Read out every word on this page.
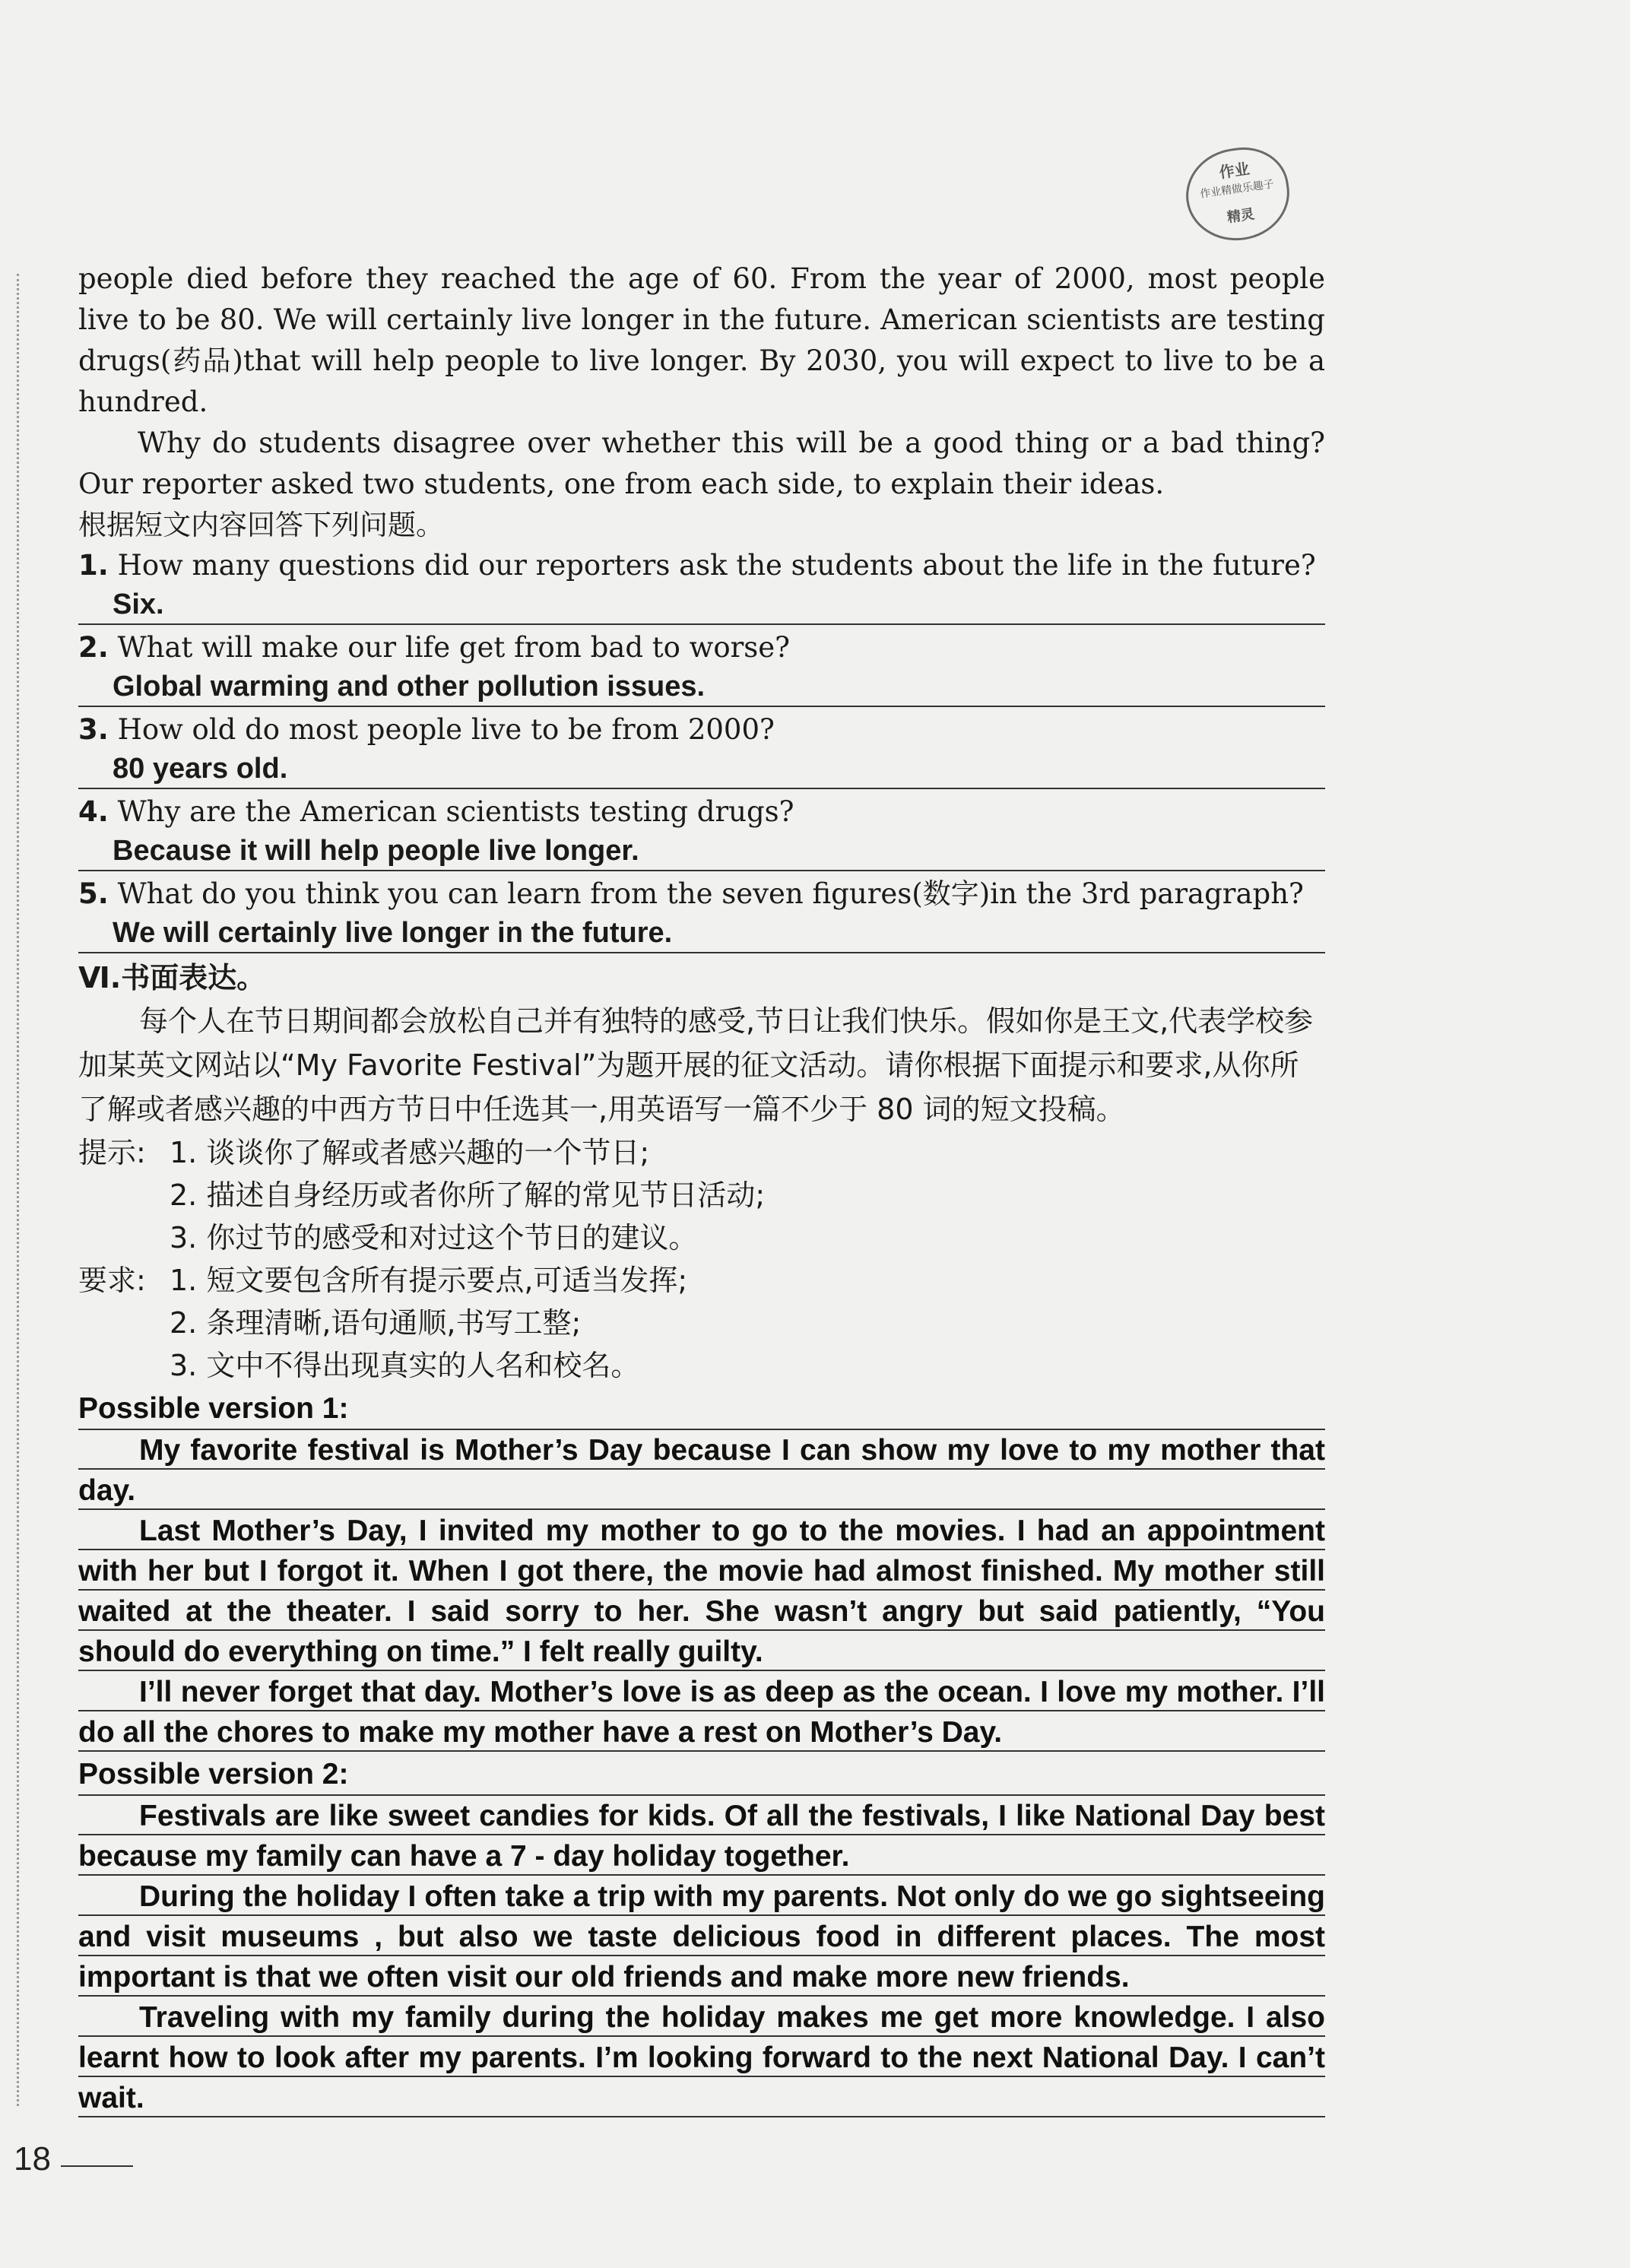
作业
作业精做乐趣子
精灵

people died before they reached the age of 60. From the year of 2000, most people live to be 80. We will certainly live longer in the future. American scientists are testing drugs(药品)that will help people to live longer. By 2030, you will expect to live to be a hundred.

Why do students disagree over whether this will be a good thing or a bad thing? Our reporter asked two students, one from each side, to explain their ideas.

根据短文内容回答下列问题。

1. How many questions did our reporters ask the students about the life in the future?

Six.

2. What will make our life get from bad to worse?

Global warming and other pollution issues.

3. How old do most people live to be from 2000?

80 years old.

4. Why are the American scientists testing drugs?

Because it will help people live longer.

5. What do you think you can learn from the seven figures(数字)in the 3rd paragraph?

We will certainly live longer in the future.

Ⅵ.书面表达。

每个人在节日期间都会放松自己并有独特的感受,节日让我们快乐。假如你是王文,代表学校参加某英文网站以“My Favorite Festival”为题开展的征文活动。请你根据下面提示和要求,从你所了解或者感兴趣的中西方节日中任选其一,用英语写一篇不少于 80 词的短文投稿。

提示: 1. 谈谈你了解或者感兴趣的一个节日;

2. 描述自身经历或者你所了解的常见节日活动;

3. 你过节的感受和对过这个节日的建议。

要求: 1. 短文要包含所有提示要点,可适当发挥;

2. 条理清晰,语句通顺,书写工整;

3. 文中不得出现真实的人名和校名。

Possible version 1:

My favorite festival is Mother’s Day because I can show my love to my mother that day.

Last Mother’s Day, I invited my mother to go to the movies. I had an appointment with her but I forgot it. When I got there, the movie had almost finished. My mother still waited at the theater. I said sorry to her. She wasn’t angry but said patiently, “You should do everything on time.” I felt really guilty.

I’ll never forget that day. Mother’s love is as deep as the ocean. I love my mother. I’ll do all the chores to make my mother have a rest on Mother’s Day.

Possible version 2:

Festivals are like sweet candies for kids. Of all the festivals, I like National Day best because my family can have a 7 - day holiday together.

During the holiday I often take a trip with my parents. Not only do we go sightseeing and visit museums , but also we taste delicious food in different places. The most important is that we often visit our old friends and make more new friends.

Traveling with my family during the holiday makes me get more knowledge. I also learnt how to look after my parents. I’m looking forward to the next National Day. I can’t wait.

18
